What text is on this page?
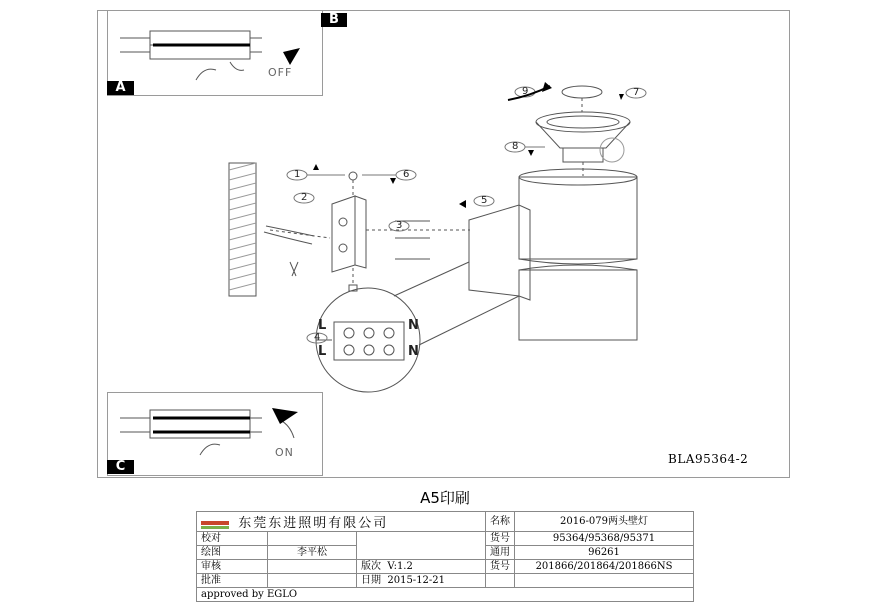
B
A
OFF
C
ON
1
2
3
4
5
6
7
8
9
L	N
L	N
BLA95364-2
A5印刷
东莞东进照明有限公司			名称	2016-079两头壁灯
校对			货号	95364/95368/95371
绘图	李平松		通用	96261
审核		版次 V:1.2	货号	201866/201864/201866NS
批准		日期 2015-12-21		
approved by EGLO				
